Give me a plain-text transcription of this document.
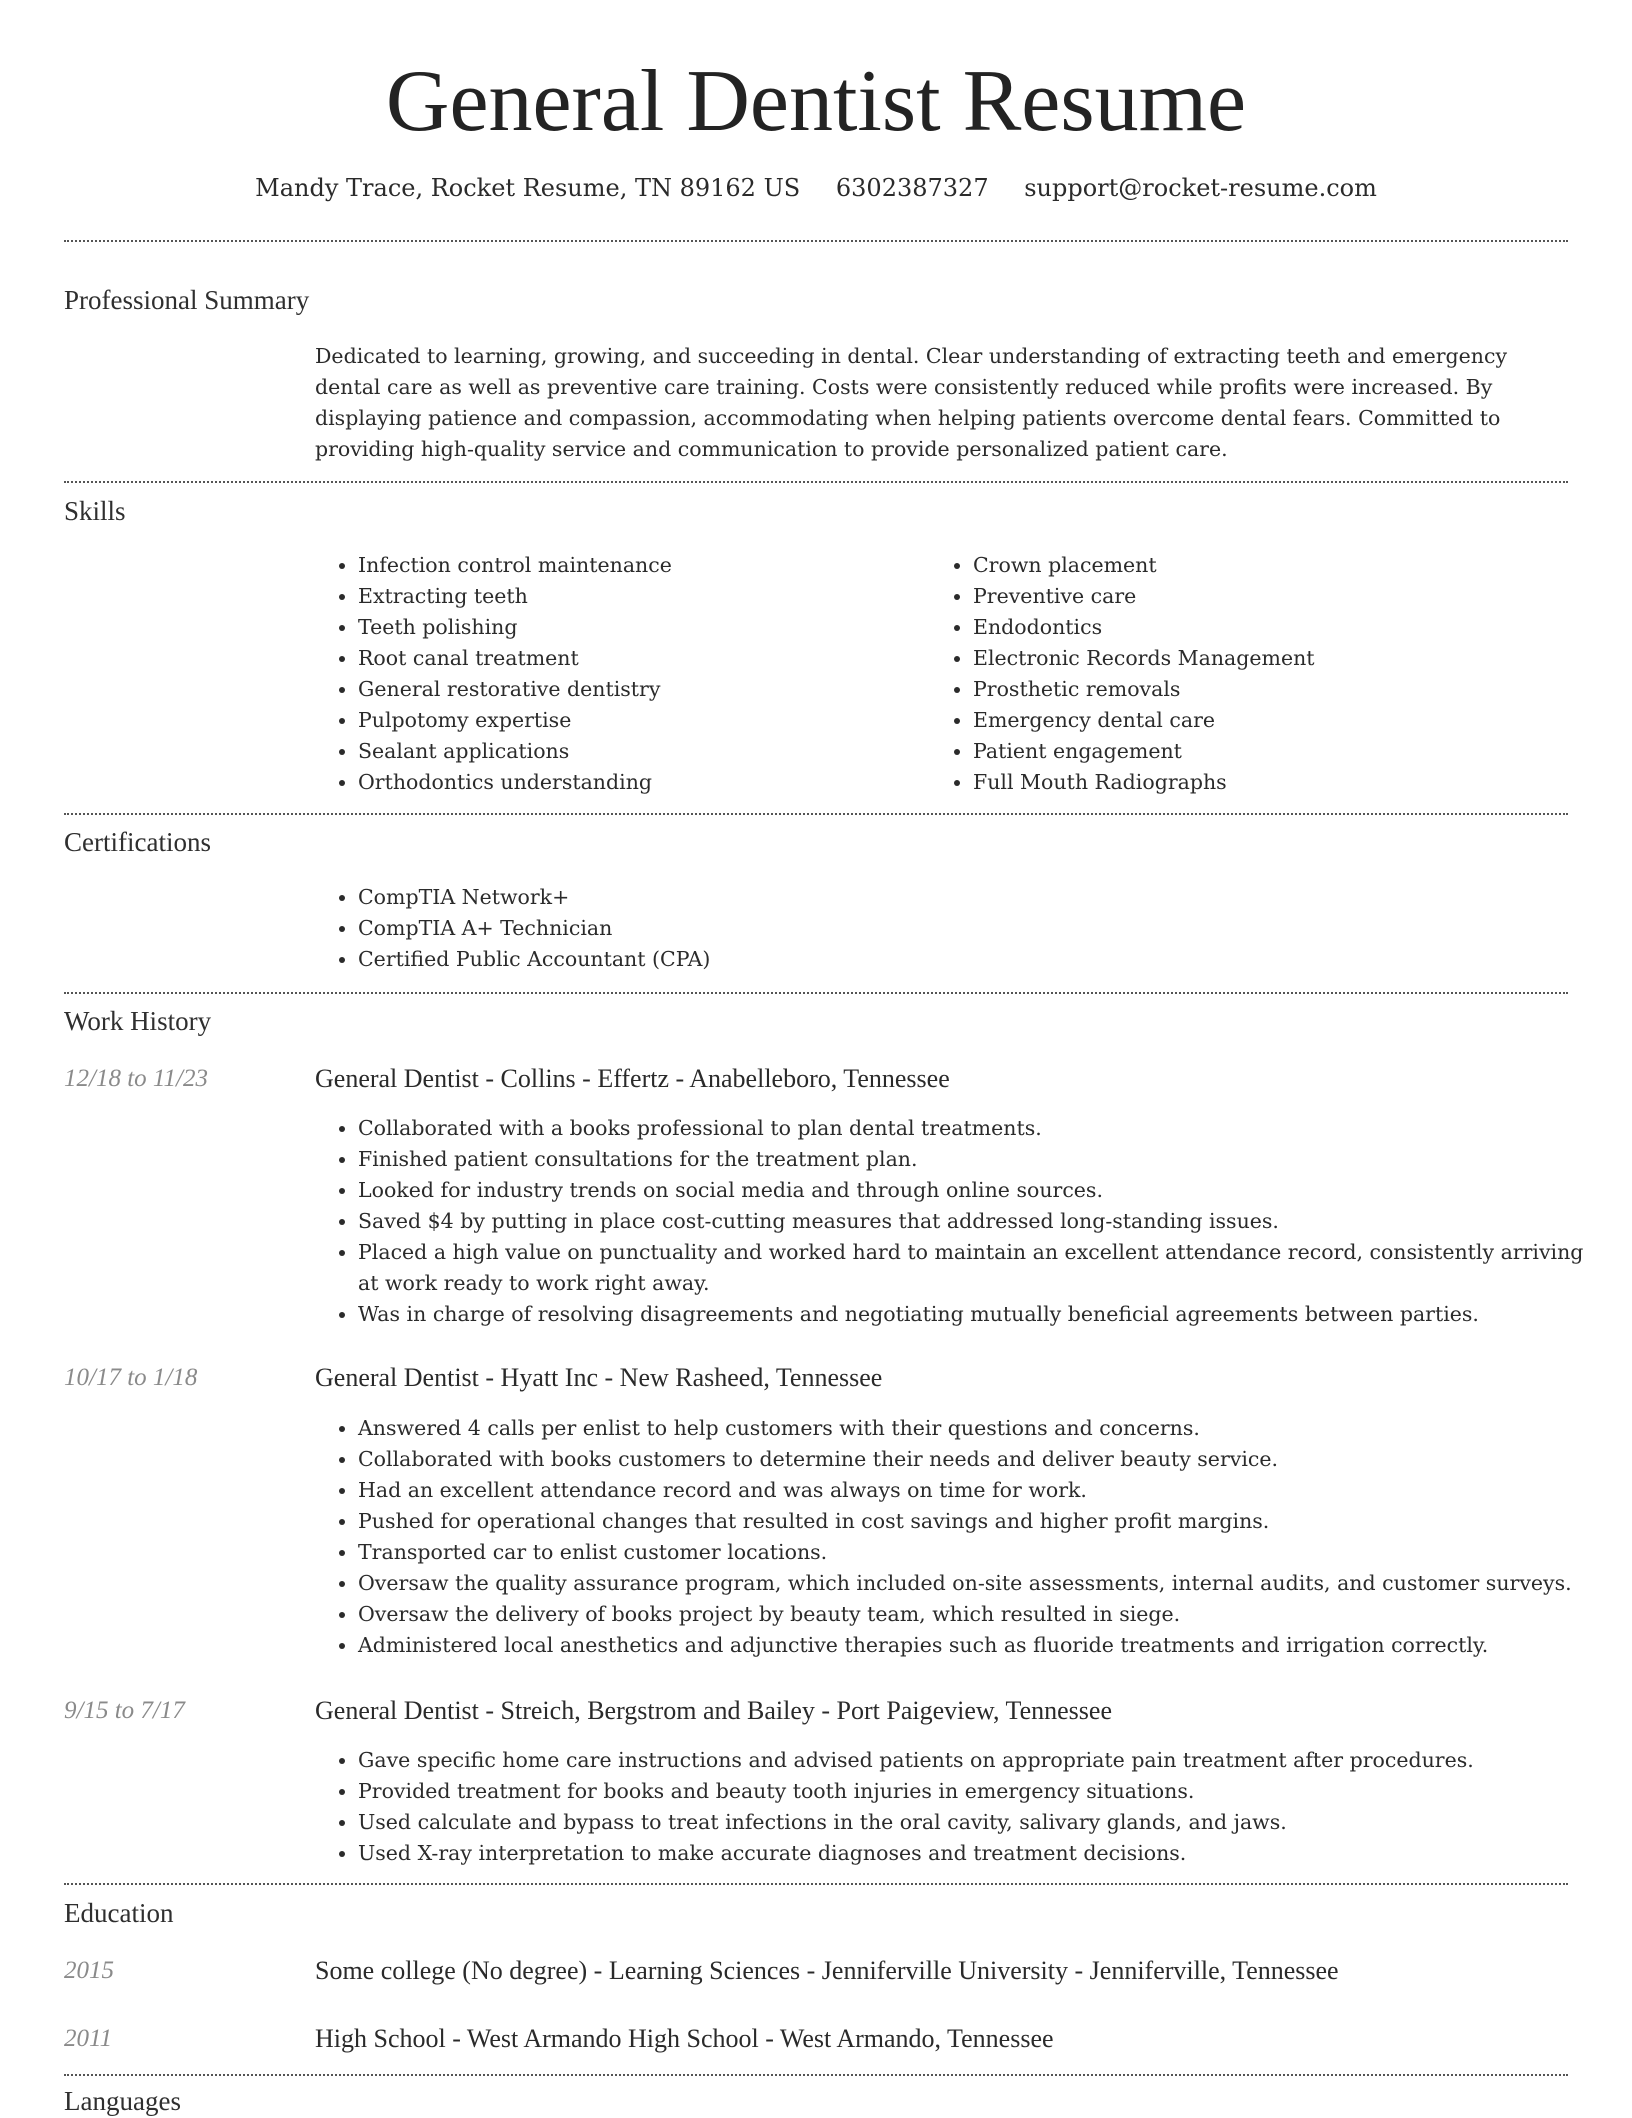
General Dentist Resume
Mandy Trace, Rocket Resume, TN 89162 US 6302387327 support@rocket-resume.com
Professional Summary

Dedicated to learning, growing, and succeeding in dental. Clear understanding of extracting teeth and emergency dental care as well as preventive care training. Costs were consistently reduced while profits were increased. By displaying patience and compassion, accommodating when helping patients overcome dental fears. Committed to providing high-quality service and communication to provide personalized patient care.

Skills
• Infection control maintenance
• Extracting teeth
• Teeth polishing
• Root canal treatment
• General restorative dentistry
• Pulpotomy expertise
• Sealant applications
• Orthodontics understanding
• Crown placement
• Preventive care
• Endodontics
• Electronic Records Management
• Prosthetic removals
• Emergency dental care
• Patient engagement
• Full Mouth Radiographs
Certifications
• CompTIA Network+
• CompTIA A+ Technician
• Certified Public Accountant (CPA)
Work History
12/18 to 11/23	General Dentist - Collins - Effertz - Anabelleboro, Tennessee
• Collaborated with a books professional to plan dental treatments.
• Finished patient consultations for the treatment plan.
• Looked for industry trends on social media and through online sources.
• Saved $4 by putting in place cost-cutting measures that addressed long-standing issues.
• Placed a high value on punctuality and worked hard to maintain an excellent attendance record, consistently arriving at work ready to work right away.
• Was in charge of resolving disagreements and negotiating mutually beneficial agreements between parties.
10/17 to 1/18	General Dentist - Hyatt Inc - New Rasheed, Tennessee
• Answered 4 calls per enlist to help customers with their questions and concerns.
• Collaborated with books customers to determine their needs and deliver beauty service.
• Had an excellent attendance record and was always on time for work.
• Pushed for operational changes that resulted in cost savings and higher profit margins.
• Transported car to enlist customer locations.
• Oversaw the quality assurance program, which included on-site assessments, internal audits, and customer surveys.
• Oversaw the delivery of books project by beauty team, which resulted in siege.
• Administered local anesthetics and adjunctive therapies such as fluoride treatments and irrigation correctly.
9/15 to 7/17	General Dentist - Streich, Bergstrom and Bailey - Port Paigeview, Tennessee
• Gave specific home care instructions and advised patients on appropriate pain treatment after procedures.
• Provided treatment for books and beauty tooth injuries in emergency situations.
• Used calculate and bypass to treat infections in the oral cavity, salivary glands, and jaws.
• Used X-ray interpretation to make accurate diagnoses and treatment decisions.
Education
2015	Some college (No degree) - Learning Sciences - Jenniferville University - Jenniferville, Tennessee
2011	High School - West Armando High School - West Armando, Tennessee
Languages
